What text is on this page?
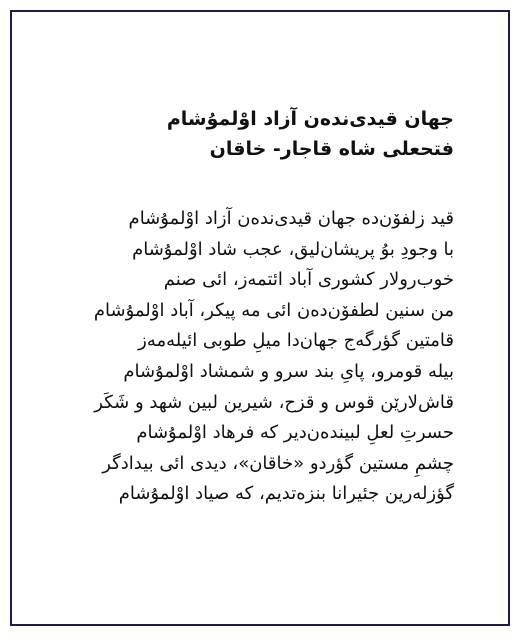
جهان قیدی‌نده‌ن آزاد اوْلمۇشام

فتحعلی شاه قاجار- خاقان

قید زلفۆن‌ده جهان قیدی‌نده‌ن آزاد اوْلمۇشام

با وجودِ بوُ پریشان‌لیق، عجب شاد اوْلمۇشام

خوب‌رولار کشوری آباد ائتمه‌ز، ائی صنم

من سنین لطفۆن‌ده‌ن ائی مه پیکر، آباد اوْلمۇشام

قامتین گؤرگه‌ج جهان‌دا میلِ طوبی ائیله‌مه‌ز

بیله قومرو، پایِ بند سرو و شمشاد اوْلمۇشام

قاش‌لارێن قوس و قزح، شیرین لبین شهد و شَکَر

حسرتِ لعلِ لبینده‌ن‌دیر که فرهاد اوْلمۇشام

چشمِ مستین گؤردو «خاقان»، دیدی ائی بیدادگر

گؤزله‌رین جئیرانا بنزه‌تدیم، که صیاد اوْلمۇشام
